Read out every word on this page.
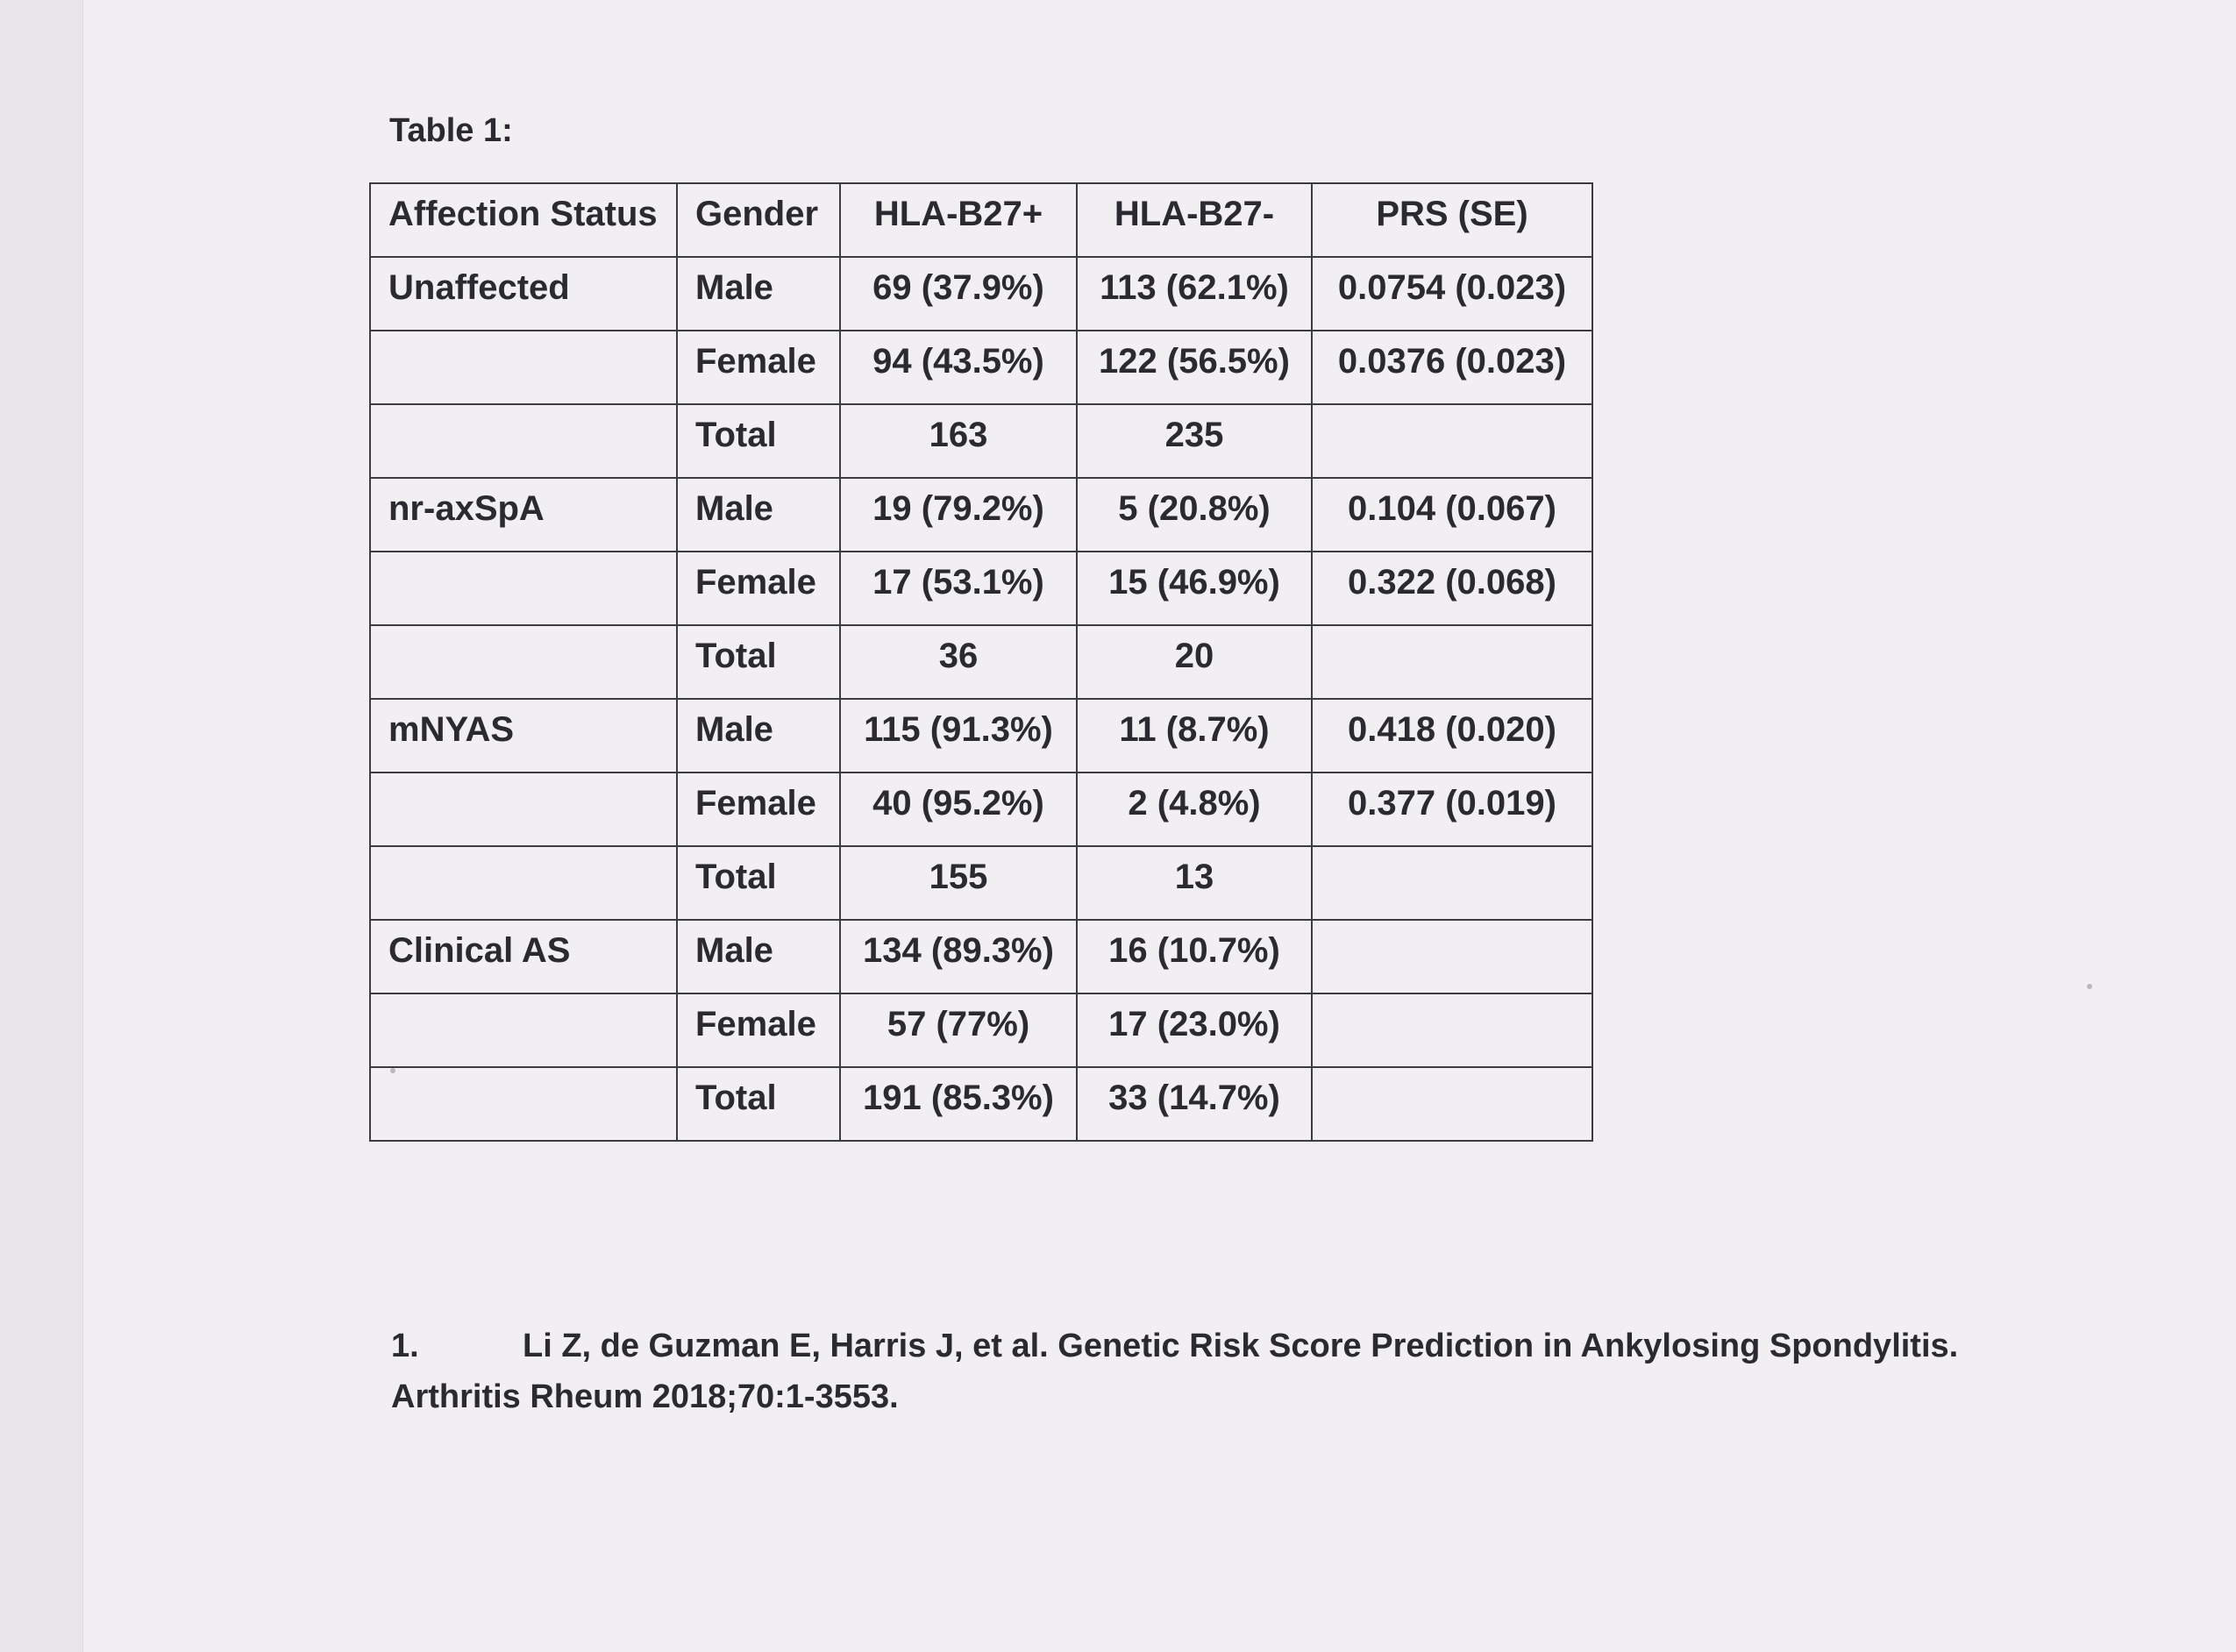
Table 1:
Affection Status	Gender	HLA-B27+	HLA-B27-	PRS (SE)
Unaffected	Male	69 (37.9%)	113 (62.1%)	0.0754 (0.023)
	Female	94 (43.5%)	122 (56.5%)	0.0376 (0.023)
	Total	163	235	
nr-axSpA	Male	19 (79.2%)	5 (20.8%)	0.104 (0.067)
	Female	17 (53.1%)	15 (46.9%)	0.322 (0.068)
	Total	36	20	
mNYAS	Male	115 (91.3%)	11 (8.7%)	0.418 (0.020)
	Female	40 (95.2%)	2 (4.8%)	0.377 (0.019)
	Total	155	13	
Clinical AS	Male	134 (89.3%)	16 (10.7%)	
	Female	57 (77%)	17 (23.0%)	
	Total	191 (85.3%)	33 (14.7%)	
1.	Li Z, de Guzman E, Harris J, et al. Genetic Risk Score Prediction in Ankylosing Spondylitis.
Arthritis Rheum 2018;70:1-3553.
